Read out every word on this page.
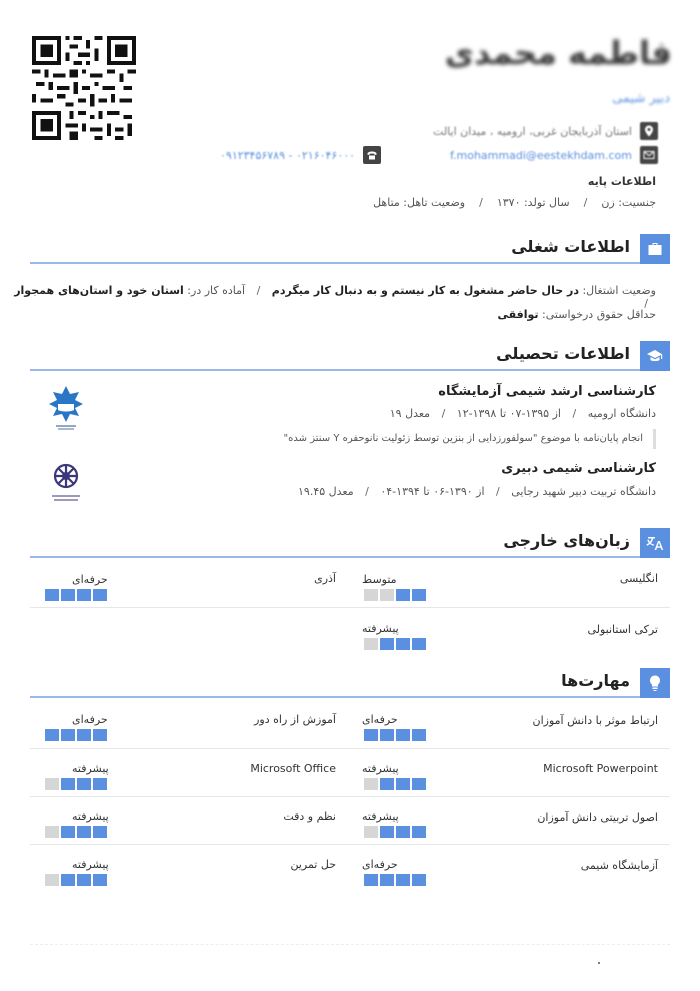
فاطمه محمدی
دبیر شیمی
استان آذربایجان غربی، ارومیه ، میدان ایالت
f.mohammadi@eestekhdam.com
۰۲۱۶۰۴۶۰۰۰ - ۰۹۱۲۳۴۵۶۷۸۹
اطلاعات پایه
جنسیت: زن
/
سال تولد: ۱۳۷۰
/
وضعیت تاهل: متاهل
اطلاعات شغلی
وضعیت اشتغال: در حال حاضر مشغول به کار نیستم و به دنبال کار میگردم / آماده کار در: استان خود و استان‌های همجوار /
حداقل حقوق درخواستی: توافقی
اطلاعات تحصیلی
کارشناسی ارشد شیمی آزمایشگاه
دانشگاه ارومیه / از ۱۳۹۵-۰۷ تا ۱۳۹۸-۱۲ / معدل ۱۹
انجام پایان‌نامه با موضوع "سولفورزدایی از بنزین توسط زئولیت نانوحفره Y سنتز شده"
کارشناسی شیمی دبیری
دانشگاه تربیت دبیر شهید رجایی / از ۱۳۹۰-۰۶ تا ۱۳۹۴-۰۴ / معدل ۱۹.۴۵
زبان‌های خارجی
انگلیسی
متوسط
آذری
حرفه‌ای
ترکی استانبولی
پیشرفته
مهارت‌ها
ارتباط موثر با دانش آموزان
حرفه‌ای
آموزش از راه دور
حرفه‌ای
Microsoft Powerpoint
پیشرفته
Microsoft Office
پیشرفته
اصول تربیتی دانش آموزان
پیشرفته
نظم و دقت
پیشرفته
آزمایشگاه شیمی
حرفه‌ای
حل تمرین
پیشرفته
